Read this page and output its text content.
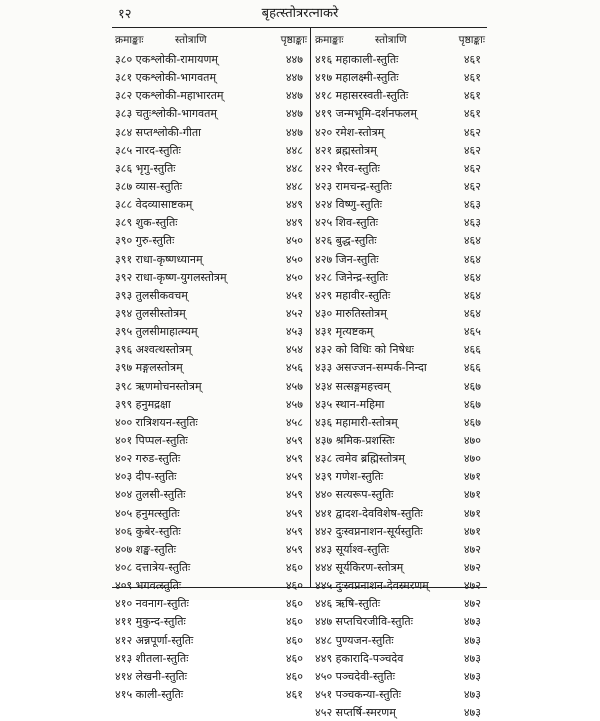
१२	बृहत्स्तोत्ररत्नाकरे
क्रमाङ्काः	स्तोत्राणि	पृष्ठाङ्काः
३८० एकश्लोकी-रामायणम्	४४७
३८१ एकश्लोकी-भागवतम्	४४७
३८२ एकश्लोकी-महाभारतम्	४४७
३८३ चतुःश्लोकी-भागवतम्	४४७
३८४ सप्तश्लोकी-गीता	४४७
३८५ नारद-स्तुतिः	४४८
३८६ भृगु-स्तुतिः	४४८
३८७ व्यास-स्तुतिः	४४८
३८८ वेदव्यासाष्टकम्	४४९
३८९ शुक-स्तुतिः	४४९
३९० गुरु-स्तुतिः	४५०
३९१ राधा-कृष्णध्यानम्	४५०
३९२ राधा-कृष्ण-युगलस्तोत्रम्	४५०
३९३ तुलसीकवचम्	४५१
३९४ तुलसीस्तोत्रम्	४५२
३९५ तुलसीमाहात्म्यम्	४५३
३९६ अश्वत्थस्तोत्रम्	४५४
३९७ मङ्गलस्तोत्रम्	४५६
३९८ ऋणमोचनस्तोत्रम्	४५७
३९९ हनुमद्रक्षा	४५७
४०० रात्रिशयन-स्तुतिः	४५८
४०१ पिप्पल-स्तुतिः	४५९
४०२ गरुड-स्तुतिः	४५९
४०३ दीप-स्तुतिः	४५९
४०४ तुलसी-स्तुतिः	४५९
४०५ हनुमत्स्तुतिः	४५९
४०६ कुबेर-स्तुतिः	४५९
४०७ शङ्ख-स्तुतिः	४५९
४०८ दत्तात्रेय-स्तुतिः	४६०
४०९ भगवत्स्तुतिः	४६०
४१० नवनाग-स्तुतिः	४६०
४११ मुकुन्द-स्तुतिः	४६०
४१२ अन्नपूर्णा-स्तुतिः	४६०
४१३ शीतला-स्तुतिः	४६०
४१४ लेखनी-स्तुतिः	४६०
४१५ काली-स्तुतिः	४६१
क्रमाङ्काः	स्तोत्राणि	पृष्ठाङ्काः
४१६ महाकाली-स्तुतिः	४६१
४१७ महालक्ष्मी-स्तुतिः	४६१
४१८ महासरस्वती-स्तुतिः	४६१
४१९ जन्मभूमि-दर्शनफलम्	४६१
४२० रमेश-स्तोत्रम्	४६२
४२१ ब्रह्मस्तोत्रम्	४६२
४२२ भैरव-स्तुतिः	४६२
४२३ रामचन्द्र-स्तुतिः	४६२
४२४ विष्णु-स्तुतिः	४६३
४२५ शिव-स्तुतिः	४६३
४२६ बुद्ध-स्तुतिः	४६४
४२७ जिन-स्तुतिः	४६४
४२८ जिनेन्द्र-स्तुतिः	४६४
४२९ महावीर-स्तुतिः	४६४
४३० मारुतिस्तोत्रम्	४६४
४३१ मृत्यष्टकम्	४६५
४३२ को विधिः को निषेधः	४६६
४३३ असज्जन-सम्पर्क-निन्दा	४६६
४३४ सत्सङ्गमहत्त्वम्	४६७
४३५ स्थान-महिमा	४६७
४३६ महामारी-स्तोत्रम्	४६७
४३७ श्रमिक-प्रशस्तिः	४७०
४३८ त्वमेव ब्रह्मिस्तोत्रम्	४७०
४३९ गणेश-स्तुतिः	४७१
४४० सत्यरूप-स्तुतिः	४७१
४४१ द्वादश-देवविशेष-स्तुतिः	४७१
४४२ दुःस्वप्ननाशन-सूर्यस्तुतिः	४७१
४४३ सूर्याश्व-स्तुतिः	४७२
४४४ सूर्यकिरण-स्तोत्रम्	४७२
४४५ दुःस्वप्ननाशन-देवस्मरणम्	४७२
४४६ ऋषि-स्तुतिः	४७२
४४७ सप्तचिरजीवि-स्तुतिः	४७३
४४८ पुण्यजन-स्तुतिः	४७३
४४९ हकारादि-पञ्चदेव	४७३
४५० पञ्चदेवी-स्तुतिः	४७३
४५१ पञ्चकन्या-स्तुतिः	४७३
४५२ सप्तर्षि-स्मरणम्	४७३
